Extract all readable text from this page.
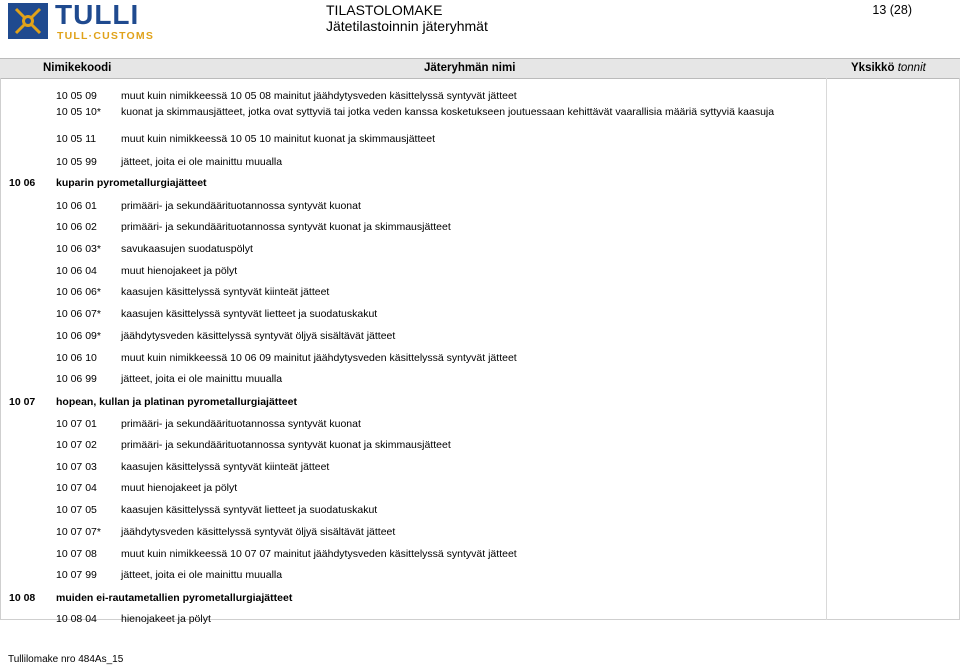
TULLI
TULL·CUSTOMS
TILASTOLOMAKE
Jätetilastoinnin jäteryhmät
13 (28)
Nimikekoodi	Jäteryhmän nimi	Yksikkö tonnit
10 05 09 muut kuin nimikkeessä 10 05 08 mainitut jäähdytysveden käsittelyssä syntyvät jätteet
10 05 10* kuonat ja skimmausjätteet, jotka ovat syttyviä tai jotka veden kanssa kosketukseen joutuessaan kehittävät vaarallisia määriä syttyviä kaasuja
10 05 11 muut kuin nimikkeessä 10 05 10 mainitut kuonat ja skimmausjätteet
10 05 99 jätteet, joita ei ole mainittu muualla
10 06 kuparin pyrometallurgiajätteet
10 06 01 primääri- ja sekundäärituotannossa syntyvät kuonat
10 06 02 primääri- ja sekundäärituotannossa syntyvät kuonat ja skimmausjätteet
10 06 03* savukaasujen suodatuspölyt
10 06 04 muut hienojakeet ja pölyt
10 06 06* kaasujen käsittelyssä syntyvät kiinteät jätteet
10 06 07* kaasujen käsittelyssä syntyvät lietteet ja suodatuskakut
10 06 09* jäähdytysveden käsittelyssä syntyvät öljyä sisältävät jätteet
10 06 10 muut kuin nimikkeessä 10 06 09 mainitut jäähdytysveden käsittelyssä syntyvät jätteet
10 06 99 jätteet, joita ei ole mainittu muualla
10 07 hopean, kullan ja platinan pyrometallurgiajätteet
10 07 01 primääri- ja sekundäärituotannossa syntyvät kuonat
10 07 02 primääri- ja sekundäärituotannossa syntyvät kuonat ja skimmausjätteet
10 07 03 kaasujen käsittelyssä syntyvät kiinteät jätteet
10 07 04 muut hienojakeet ja pölyt
10 07 05 kaasujen käsittelyssä syntyvät lietteet ja suodatuskakut
10 07 07* jäähdytysveden käsittelyssä syntyvät öljyä sisältävät jätteet
10 07 08 muut kuin nimikkeessä 10 07 07 mainitut jäähdytysveden käsittelyssä syntyvät jätteet
10 07 99 jätteet, joita ei ole mainittu muualla
10 08 muiden ei-rautametallien pyrometallurgiajätteet
10 08 04 hienojakeet ja pölyt
Tullilomake nro 484As_15
